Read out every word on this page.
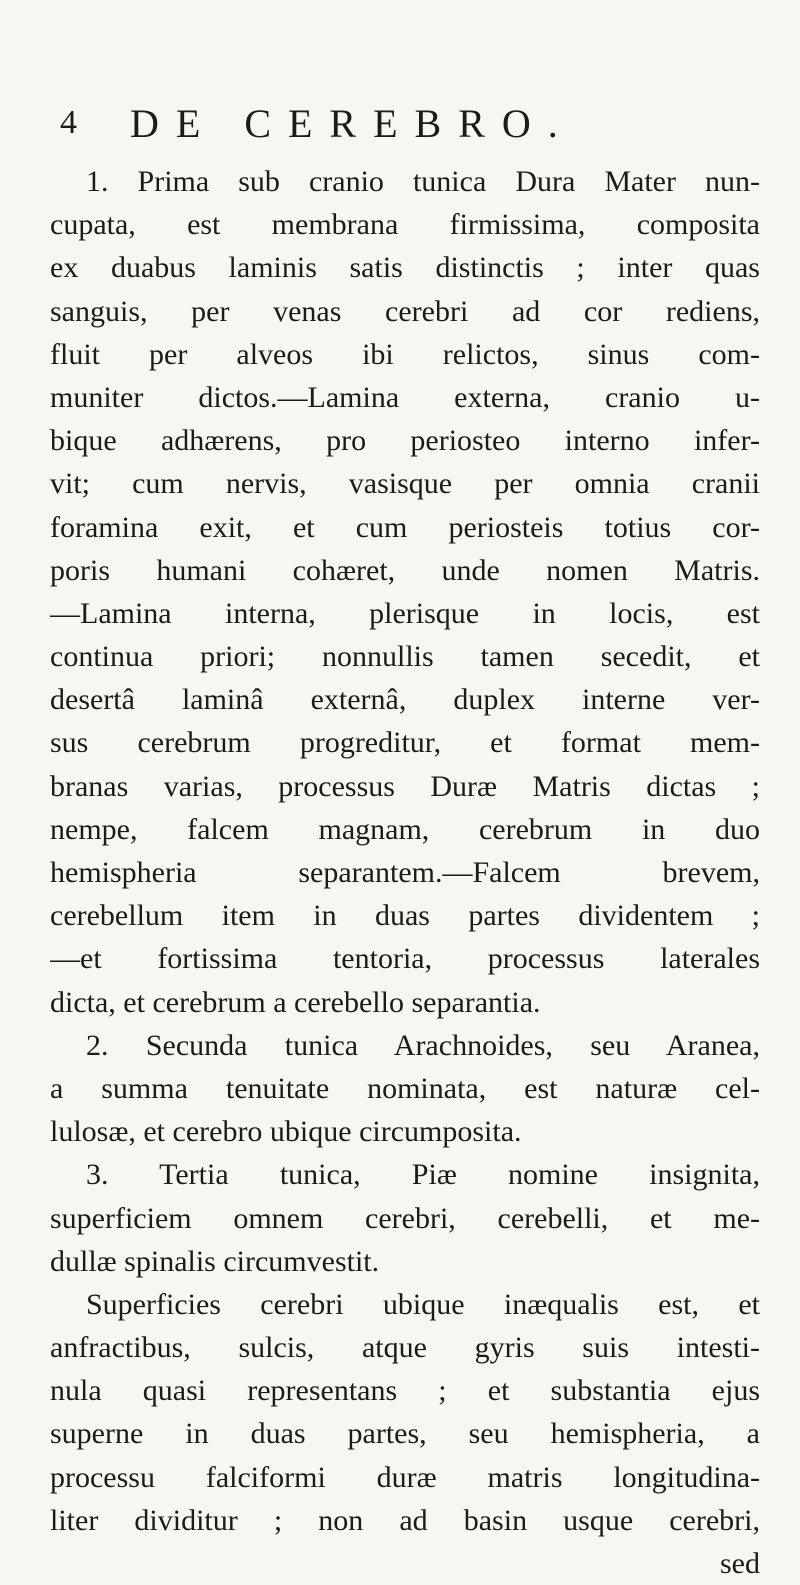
4 DE CEREBRO.
1. Prima sub cranio tunica Dura Mater nun-
cupata, est membrana firmissima, composita
ex duabus laminis satis distinctis ; inter quas
sanguis, per venas cerebri ad cor rediens,
fluit per alveos ibi relictos, sinus com-
muniter dictos.—Lamina externa, cranio u-
bique adhærens, pro periosteo interno infer-
vit; cum nervis, vasisque per omnia cranii
foramina exit, et cum periosteis totius cor-
poris humani cohæret, unde nomen Matris.
—Lamina interna, plerisque in locis, est
continua priori; nonnullis tamen secedit, et
desertâ laminâ externâ, duplex interne ver-
sus cerebrum progreditur, et format mem-
branas varias, processus Duræ Matris dictas ;
nempe, falcem magnam, cerebrum in duo
hemispheria separantem.—Falcem brevem,
cerebellum item in duas partes dividentem ;
—et fortissima tentoria, processus laterales
dicta, et cerebrum a cerebello separantia.
2. Secunda tunica Arachnoides, seu Aranea,
a summa tenuitate nominata, est naturæ cel-
lulosæ, et cerebro ubique circumposita.
3. Tertia tunica, Piæ nomine insignita,
superficiem omnem cerebri, cerebelli, et me-
dullæ spinalis circumvestit.
Superficies cerebri ubique inæqualis est, et
anfractibus, sulcis, atque gyris suis intesti-
nula quasi representans ; et substantia ejus
superne in duas partes, seu hemispheria, a
processu falciformi duræ matris longitudina-
liter dividitur ; non ad basin usque cerebri,
sed
